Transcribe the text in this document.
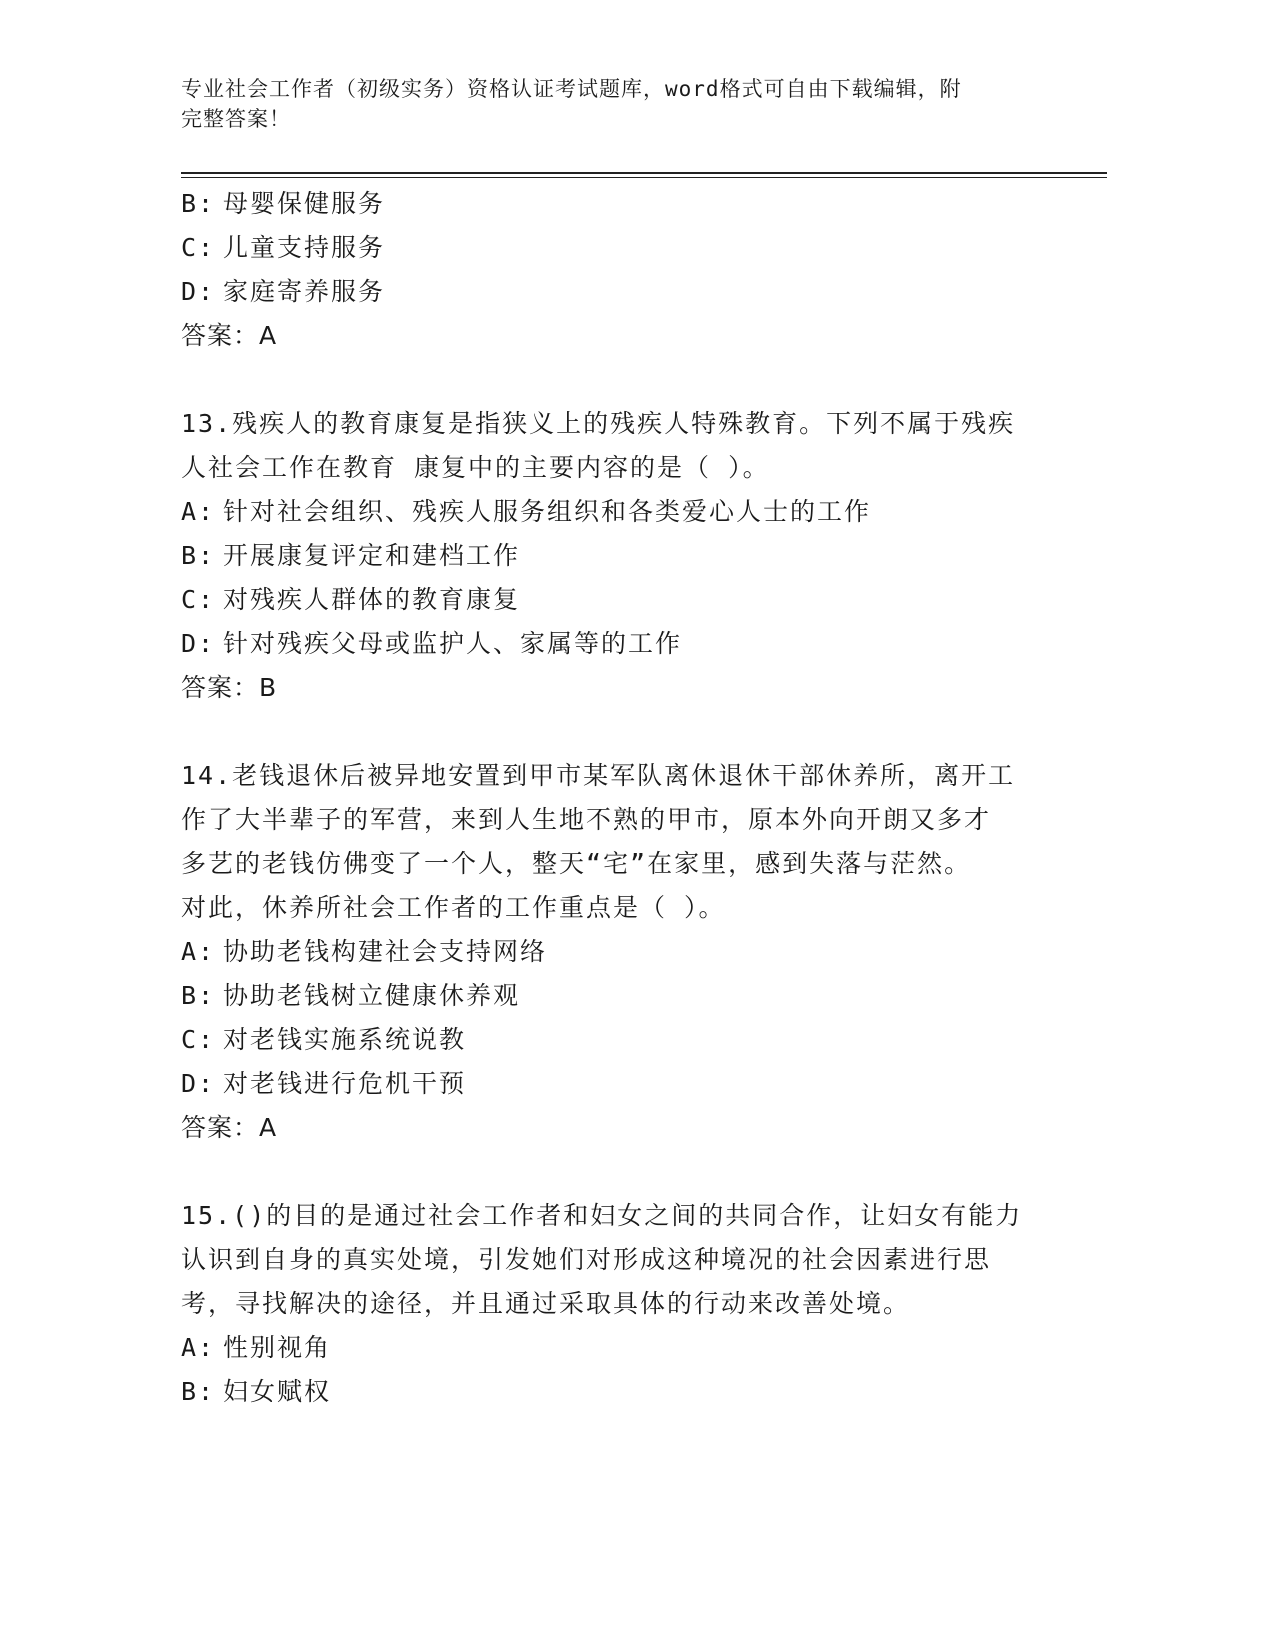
专业社会工作者（初级实务）资格认证考试题库，word格式可自由下载编辑，附
完整答案！
B: 母婴保健服务
C: 儿童支持服务
D: 家庭寄养服务
答案：A
13.残疾人的教育康复是指狭义上的残疾人特殊教育。下列不属于残疾
人社会工作在教育 康复中的主要内容的是（ ）。
A: 针对社会组织、残疾人服务组织和各类爱心人士的工作
B: 开展康复评定和建档工作
C: 对残疾人群体的教育康复
D: 针对残疾父母或监护人、家属等的工作
答案：B
14.老钱退休后被异地安置到甲市某军队离休退休干部休养所，离开工
作了大半辈子的军营，来到人生地不熟的甲市，原本外向开朗又多才
多艺的老钱仿佛变了一个人，整天“宅”在家里，感到失落与茫然。
对此，休养所社会工作者的工作重点是（ ）。
A: 协助老钱构建社会支持网络
B: 协助老钱树立健康休养观
C: 对老钱实施系统说教
D: 对老钱进行危机干预
答案：A
15.()的目的是通过社会工作者和妇女之间的共同合作，让妇女有能力
认识到自身的真实处境，引发她们对形成这种境况的社会因素进行思
考，寻找解决的途径，并且通过采取具体的行动来改善处境。
A: 性别视角
B: 妇女赋权
